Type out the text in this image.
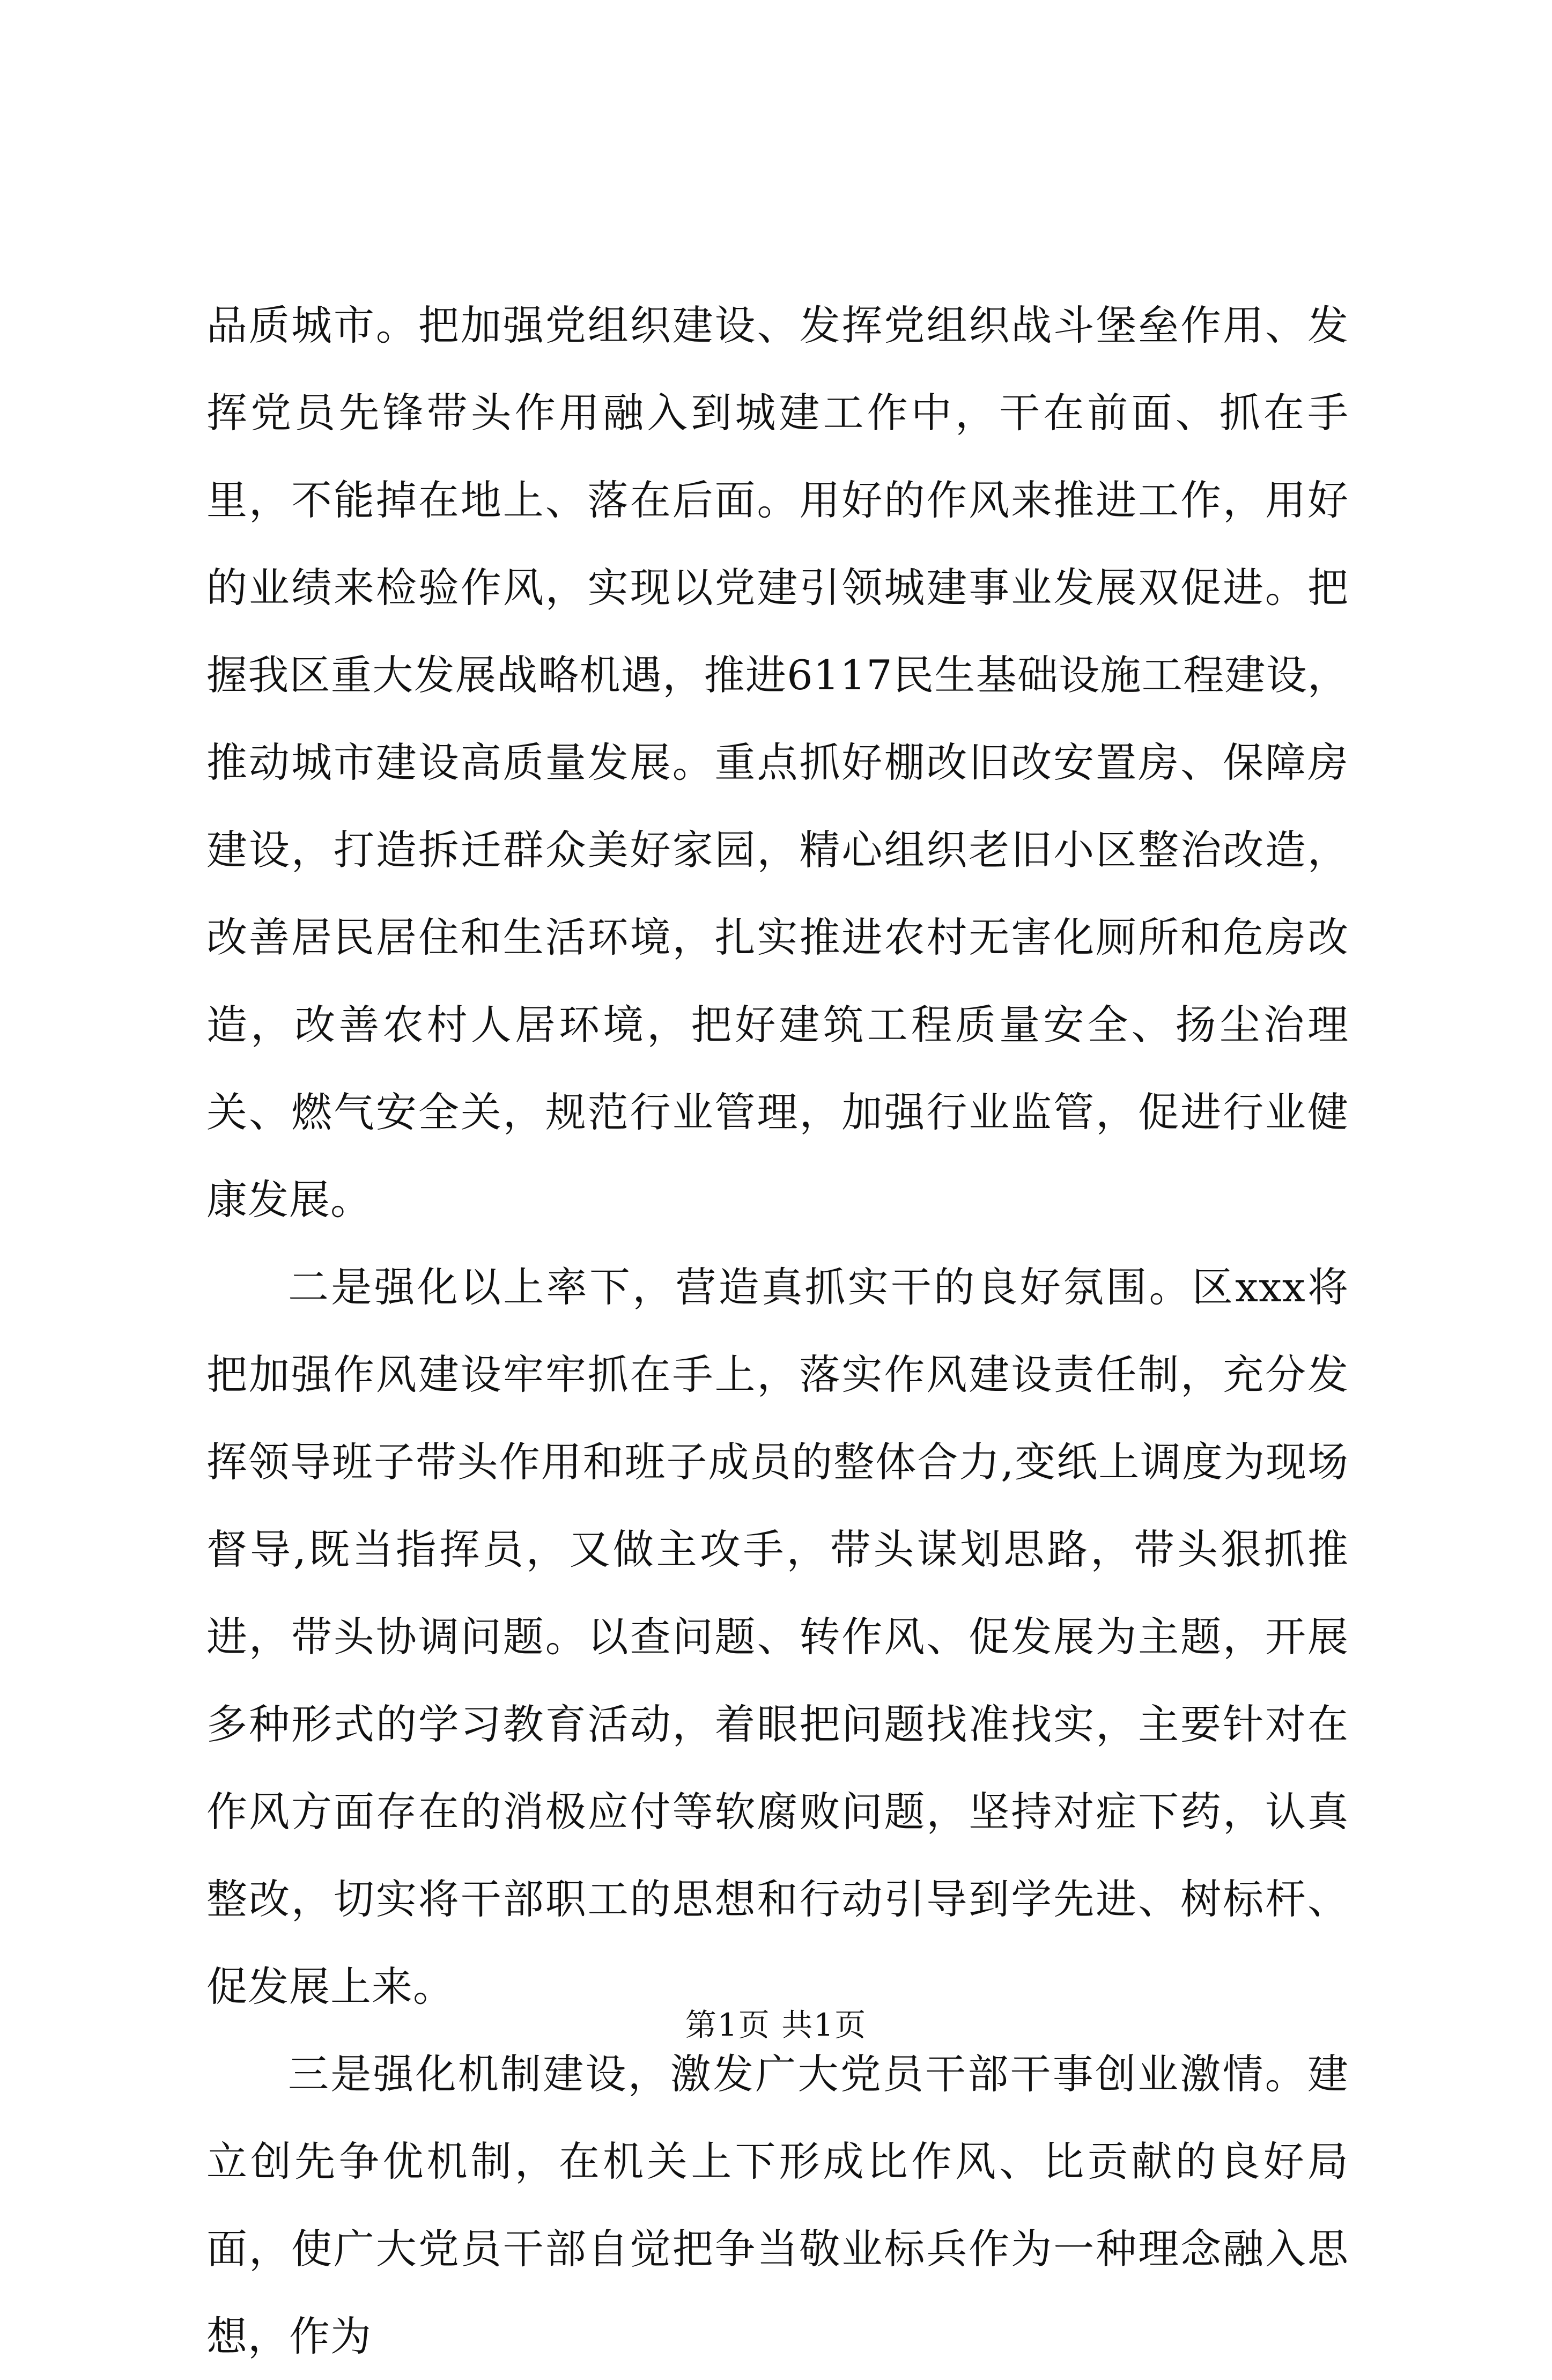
品质城市。把加强党组织建设、发挥党组织战斗堡垒作用、发挥党员先锋带头作用融入到城建工作中，干在前面、抓在手里，不能掉在地上、落在后面。用好的作风来推进工作，用好的业绩来检验作风，实现以党建引领城建事业发展双促进。把握我区重大发展战略机遇，推进6117民生基础设施工程建设，推动城市建设高质量发展。重点抓好棚改旧改安置房、保障房建设，打造拆迁群众美好家园，精心组织老旧小区整治改造，改善居民居住和生活环境，扎实推进农村无害化厕所和危房改造，改善农村人居环境，把好建筑工程质量安全、扬尘治理关、燃气安全关，规范行业管理，加强行业监管，促进行业健康发展。

二是强化以上率下，营造真抓实干的良好氛围。区xxx将把加强作风建设牢牢抓在手上，落实作风建设责任制，充分发挥领导班子带头作用和班子成员的整体合力,变纸上调度为现场督导,既当指挥员，又做主攻手，带头谋划思路，带头狠抓推进，带头协调问题。以查问题、转作风、促发展为主题，开展多种形式的学习教育活动，着眼把问题找准找实，主要针对在作风方面存在的消极应付等软腐败问题，坚持对症下药，认真整改，切实将干部职工的思想和行动引导到学先进、树标杆、促发展上来。

三是强化机制建设，激发广大党员干部干事创业激情。建立创先争优机制，在机关上下形成比作风、比贡献的良好局面，使广大党员干部自觉把争当敬业标兵作为一种理念融入思想，作为

第1页 共1页
